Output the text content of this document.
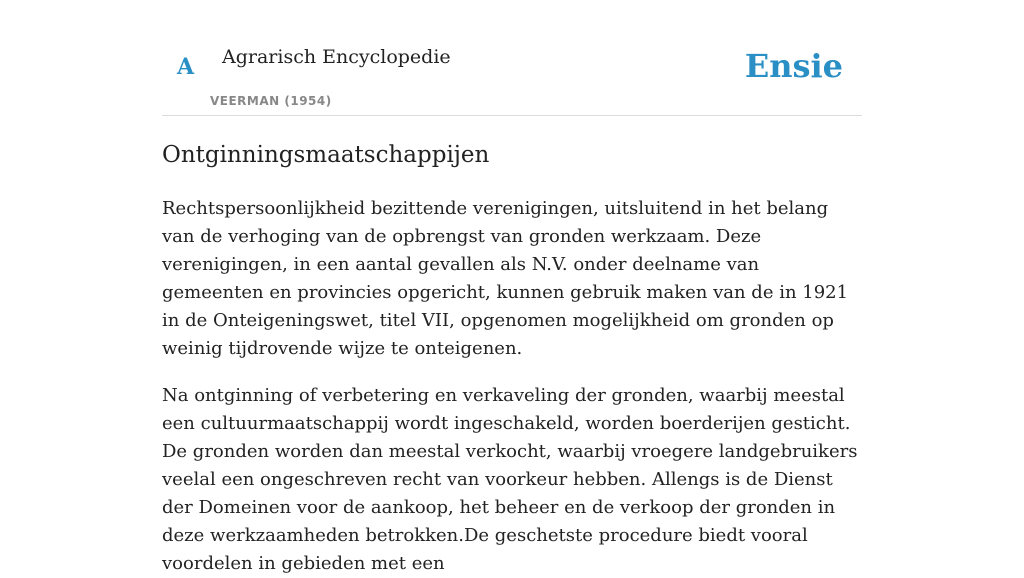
A Agrarisch Encyclopedie
VEERMAN (1954)
Ensie
Ontginningsmaatschappijen

Rechtspersoonlijkheid bezittende verenigingen, uitsluitend in het belang van de verhoging van de opbrengst van gronden werkzaam. Deze verenigingen, in een aantal gevallen als N.V. onder deelname van gemeenten en provincies opgericht, kunnen gebruik maken van de in 1921 in de Onteigeningswet, titel VII, opgenomen mogelijkheid om gronden op weinig tijdrovende wijze te onteigenen.

Na ontginning of verbetering en verkaveling der gronden, waarbij meestal een cultuurmaatschappij wordt ingeschakeld, worden boerderijen gesticht. De gronden worden dan meestal verkocht, waarbij vroegere landgebruikers veelal een ongeschreven recht van voorkeur hebben. Allengs is de Dienst der Domeinen voor de aankoop, het beheer en de verkoop der gronden in deze werkzaamheden betrokken.De geschetste procedure biedt vooral voordelen in gebieden met een
